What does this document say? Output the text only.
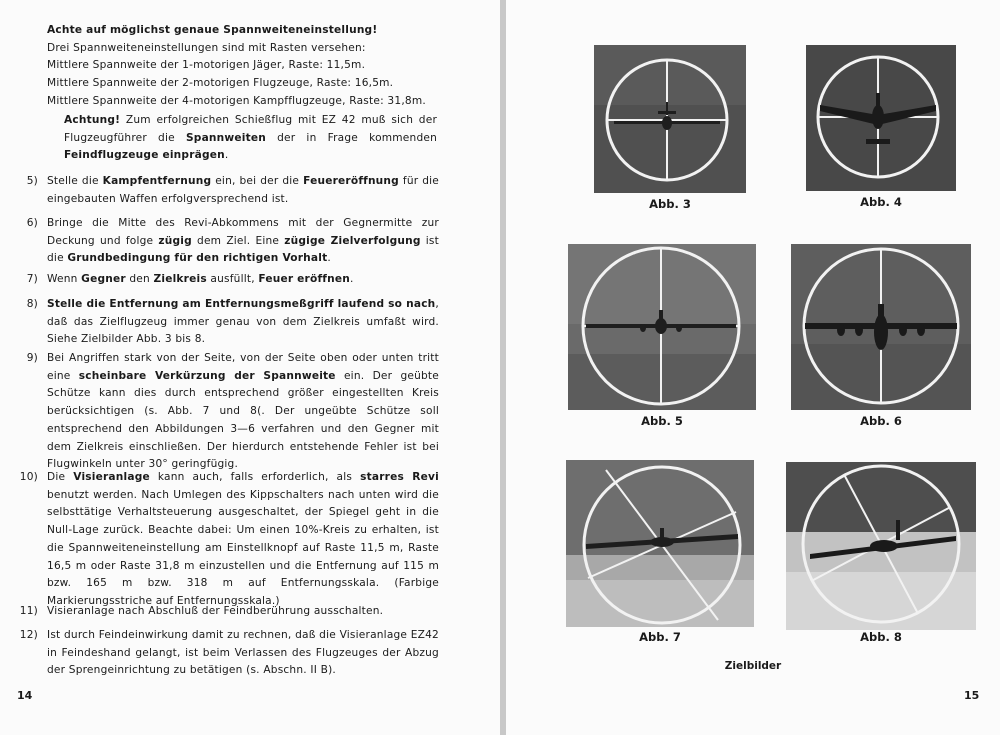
Achte auf möglichst genaue Spannweiteneinstellung!
Drei Spannweiteneinstellungen sind mit Rasten versehen:
Mittlere Spannweite der 1-motorigen Jäger, Raste: 11,5m.
Mittlere Spannweite der 2-motorigen Flugzeuge, Raste: 16,5m.
Mittlere Spannweite der 4-motorigen Kampfflugzeuge, Raste: 31,8m.
Achtung! Zum erfolgreichen Schießflug mit EZ 42 muß sich der Flugzeugführer die Spannweiten der in Frage kommenden Feindflugzeuge einprägen.
5) Stelle die Kampfentfernung ein, bei der die Feuereröffnung für die eingebauten Waffen erfolgversprechend ist.
6) Bringe die Mitte des Revi-Abkommens mit der Gegnermitte zur Deckung und folge zügig dem Ziel. Eine zügige Zielverfolgung ist die Grundbedingung für den richtigen Vorhalt.
7) Wenn Gegner den Zielkreis ausfüllt, Feuer eröffnen.
8) Stelle die Entfernung am Entfernungsmeßgriff laufend so nach, daß das Zielflugzeug immer genau von dem Zielkreis umfaßt wird. Siehe Zielbilder Abb. 3 bis 8.
9) Bei Angriffen stark von der Seite, von der Seite oben oder unten tritt eine scheinbare Verkürzung der Spannweite ein. Der geübte Schütze kann dies durch entsprechend größer eingestellten Kreis berücksichtigen (s. Abb. 7 und 8(. Der ungeübte Schütze soll entsprechend den Abbildungen 3—6 verfahren und den Gegner mit dem Zielkreis einschließen. Der hierdurch entstehende Fehler ist bei Flugwinkeln unter 30° geringfügig.
10) Die Visieranlage kann auch, falls erforderlich, als starres Revi benutzt werden. Nach Umlegen des Kippschalters nach unten wird die selbsttätige Verhaltsteuerung ausgeschaltet, der Spiegel geht in die Null-Lage zurück. Beachte dabei: Um einen 10%-Kreis zu erhalten, ist die Spannweiteneinstellung am Einstellknopf auf Raste 11,5 m, Raste 16,5 m oder Raste 31,8 m einzustellen und die Entfernung auf 115 m bzw. 165 m bzw. 318 m auf Entfernungsskala. (Farbige Markierungsstriche auf Entfernungsskala.)
11) Visieranlage nach Abschluß der Feindberührung ausschalten.
12) Ist durch Feindeinwirkung damit zu rechnen, daß die Visieranlage EZ42 in Feindeshand gelangt, ist beim Verlassen des Flugzeuges der Abzug der Sprengeinrichtung zu betätigen (s. Abschn. II B).
14
Abb. 3	Abb. 4
Abb. 5	Abb. 6
Abb. 7	Abb. 8
Zielbilder
15
